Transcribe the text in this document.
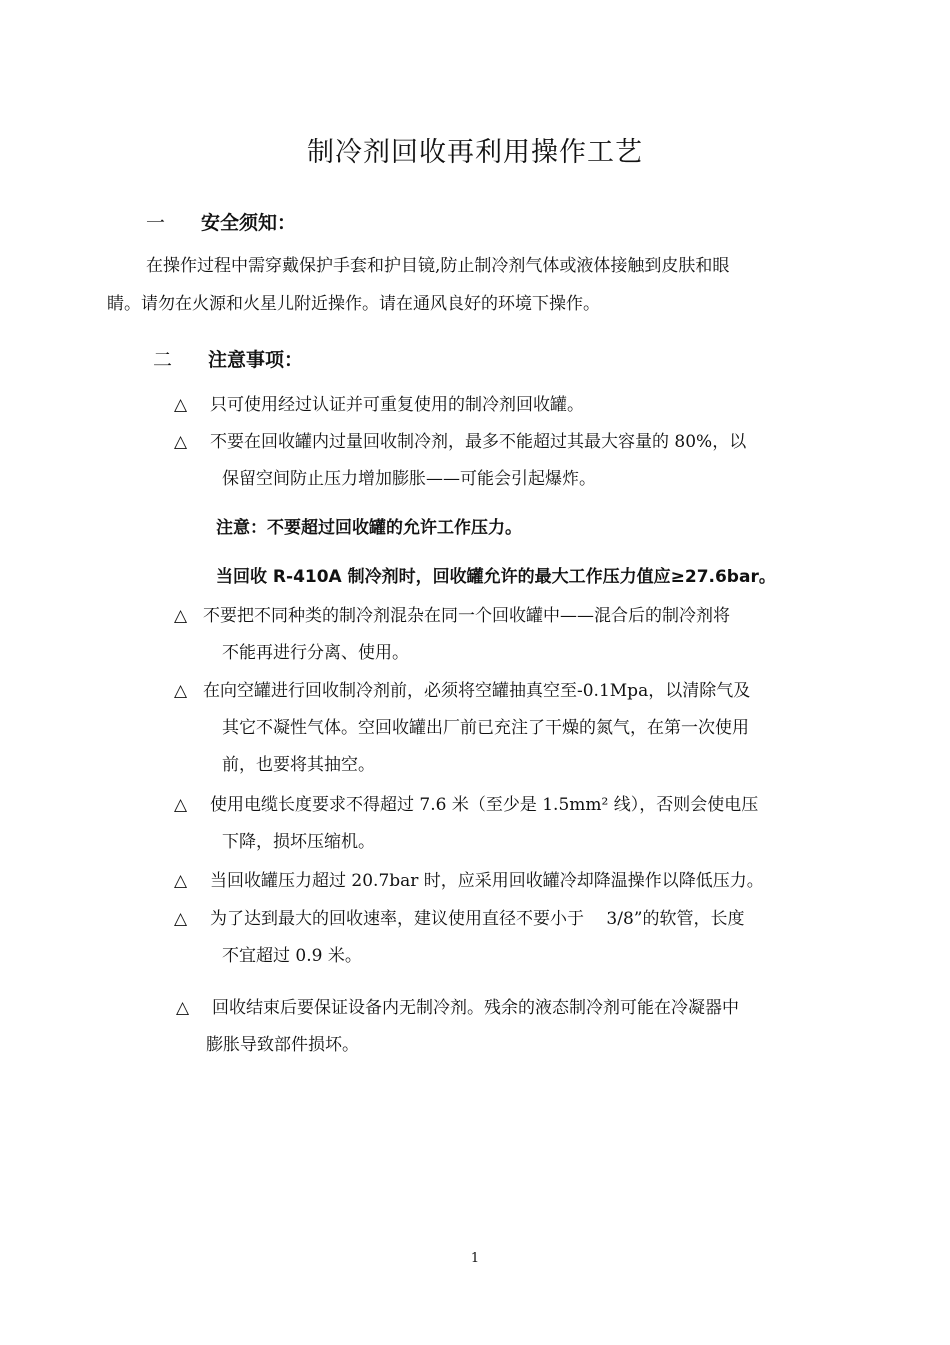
制冷剂回收再利用操作工艺
一 安全须知：
在操作过程中需穿戴保护手套和护目镜,防止制冷剂气体或液体接触到皮肤和眼
睛。请勿在火源和火星儿附近操作。请在通风良好的环境下操作。
二 注意事项：
△ 只可使用经过认证并可重复使用的制冷剂回收罐。
△ 不要在回收罐内过量回收制冷剂，最多不能超过其最大容量的 80%，以
保留空间防止压力增加膨胀——可能会引起爆炸。
注意：不要超过回收罐的允许工作压力。
当回收 R-410A 制冷剂时，回收罐允许的最大工作压力值应≥27.6bar。
△ 不要把不同种类的制冷剂混杂在同一个回收罐中——混合后的制冷剂将
不能再进行分离、使用。
△ 在向空罐进行回收制冷剂前，必须将空罐抽真空至-0.1Mpa，以清除气及
其它不凝性气体。空回收罐出厂前已充注了干燥的氮气，在第一次使用
前，也要将其抽空。
△ 使用电缆长度要求不得超过 7.6 米（至少是 1.5mm² 线），否则会使电压
下降，损坏压缩机。
△ 当回收罐压力超过 20.7bar 时，应采用回收罐冷却降温操作以降低压力。
△ 为了达到最大的回收速率，建议使用直径不要小于　 3/8”的软管，长度
不宜超过 0.9 米。
△ 回收结束后要保证设备内无制冷剂。残余的液态制冷剂可能在冷凝器中
膨胀导致部件损坏。
1
